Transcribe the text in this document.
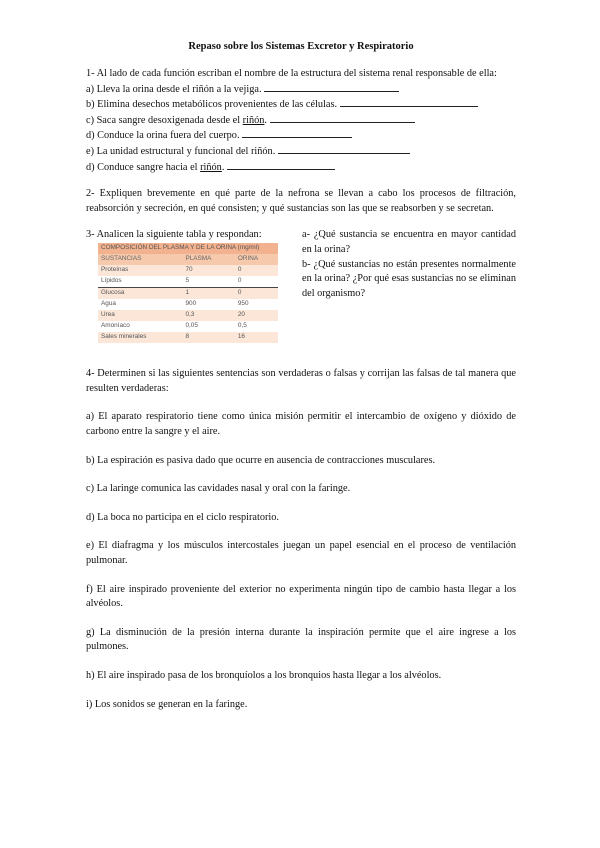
Repaso sobre los Sistemas Excretor y Respiratorio

1- Al lado de cada función escriban el nombre de la estructura del sistema renal responsable de ella:

a) Lleva la orina desde el riñón a la vejiga.

b) Elimina desechos metabólicos provenientes de las células.

c) Saca sangre desoxigenada desde el riñón.

d) Conduce la orina fuera del cuerpo.

e) La unidad estructural y funcional del riñón.

d) Conduce sangre hacia el riñón.

2- Expliquen brevemente en qué parte de la nefrona se llevan a cabo los procesos de filtración, reabsorción y secreción, en qué consisten; y qué sustancias son las que se reabsorben y se secretan.

3- Analicen la siguiente tabla y respondan:

COMPOSICIÓN DEL PLASMA Y DE LA ORINA (mg/ml)		
SUSTANCIAS	PLASMA	ORINA
Proteínas	70	0
Lípidos	5	0
Glucosa	1	0
Agua	900	950
Urea	0,3	20
Amoníaco	0,05	0,5
Sales minerales	8	16

a- ¿Qué sustancia se encuentra en mayor cantidad en la orina?

b- ¿Qué sustancias no están presentes normalmente en la orina? ¿Por qué esas sustancias no se eliminan del organismo?

4- Determinen si las siguientes sentencias son verdaderas o falsas y corrijan las falsas de tal manera que resulten verdaderas:

a) El aparato respiratorio tiene como única misión permitir el intercambio de oxígeno y dióxido de carbono entre la sangre y el aire.

b) La espiración es pasiva dado que ocurre en ausencia de contracciones musculares.

c) La laringe comunica las cavidades nasal y oral con la faringe.

d) La boca no participa en el ciclo respiratorio.

e) El diafragma y los músculos intercostales juegan un papel esencial en el proceso de ventilación pulmonar.

f) El aire inspirado proveniente del exterior no experimenta ningún tipo de cambio hasta llegar a los alvéolos.

g) La disminución de la presión interna durante la inspiración permite que el aire ingrese a los pulmones.

h) El aire inspirado pasa de los bronquíolos a los bronquios hasta llegar a los alvéolos.

i) Los sonidos se generan en la faringe.
